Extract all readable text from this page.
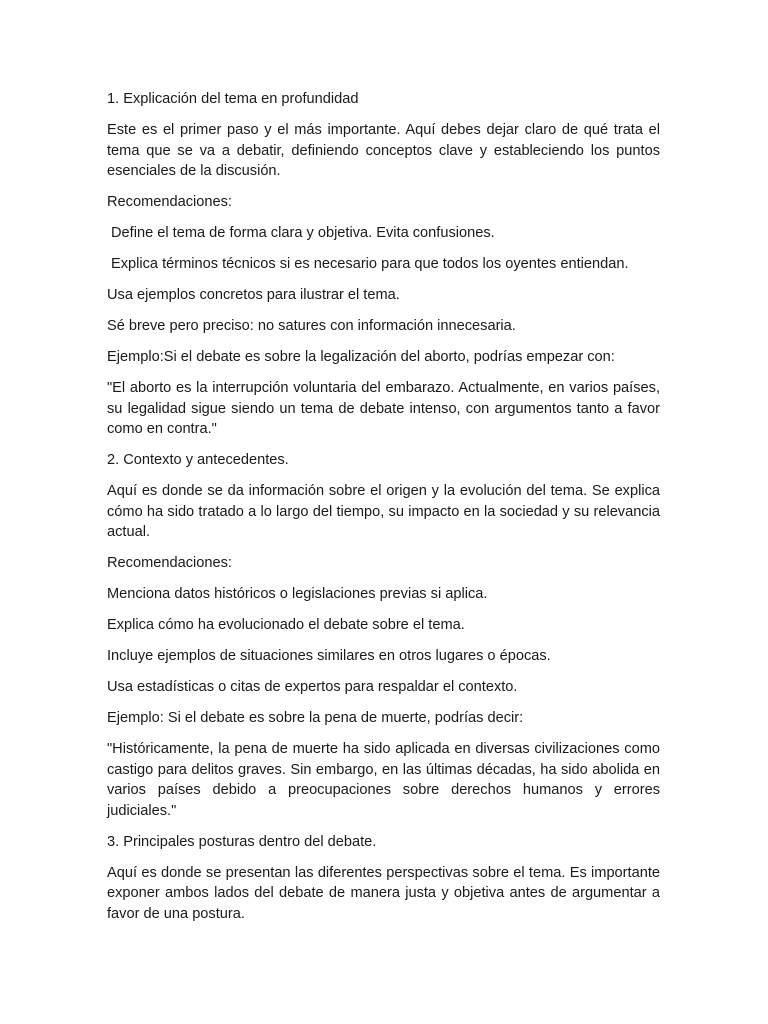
1. Explicación del tema en profundidad

Este es el primer paso y el más importante. Aquí debes dejar claro de qué trata el tema que se va a debatir, definiendo conceptos clave y estableciendo los puntos esenciales de la discusión.

Recomendaciones:

Define el tema de forma clara y objetiva. Evita confusiones.

Explica términos técnicos si es necesario para que todos los oyentes entiendan.

Usa ejemplos concretos para ilustrar el tema.

Sé breve pero preciso: no satures con información innecesaria.

Ejemplo:Si el debate es sobre la legalización del aborto, podrías empezar con:

"El aborto es la interrupción voluntaria del embarazo. Actualmente, en varios países, su legalidad sigue siendo un tema de debate intenso, con argumentos tanto a favor como en contra."

2. Contexto y antecedentes.

Aquí es donde se da información sobre el origen y la evolución del tema. Se explica cómo ha sido tratado a lo largo del tiempo, su impacto en la sociedad y su relevancia actual.

Recomendaciones:

Menciona datos históricos o legislaciones previas si aplica.

Explica cómo ha evolucionado el debate sobre el tema.

Incluye ejemplos de situaciones similares en otros lugares o épocas.

Usa estadísticas o citas de expertos para respaldar el contexto.

Ejemplo: Si el debate es sobre la pena de muerte, podrías decir:

"Históricamente, la pena de muerte ha sido aplicada en diversas civilizaciones como castigo para delitos graves. Sin embargo, en las últimas décadas, ha sido abolida en varios países debido a preocupaciones sobre derechos humanos y errores judiciales."

3. Principales posturas dentro del debate.

Aquí es donde se presentan las diferentes perspectivas sobre el tema. Es importante exponer ambos lados del debate de manera justa y objetiva antes de argumentar a favor de una postura.
